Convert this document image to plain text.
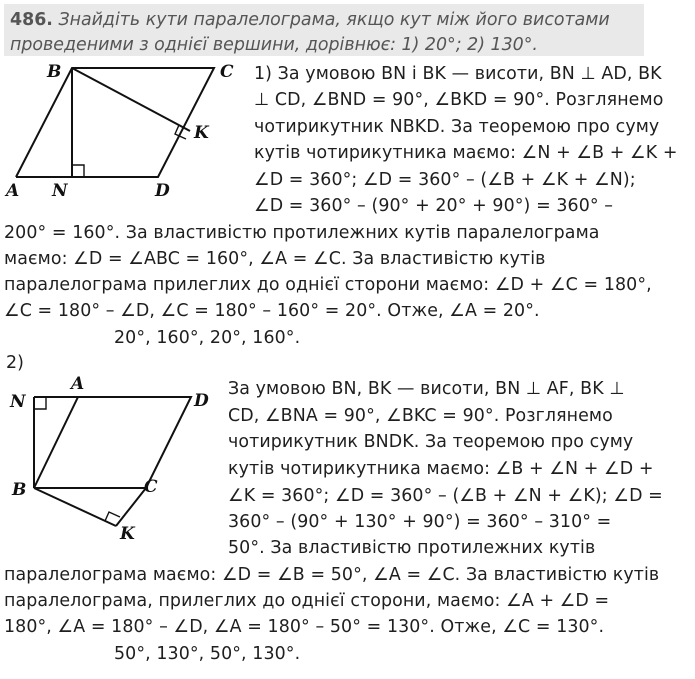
486. Знайдіть кути паралелограма, якщо кут між його висотами
проведеними з однієї вершини, дорівнює: 1) 20°; 2) 130°.
B	C
K
A N	D
1) За умовою BN і BK — висоти, BN ⊥ AD, BK
⊥ CD, ∠BND = 90°, ∠BKD = 90°. Розглянемо
чотирикутник NBKD. За теоремою про суму
кутів чотирикутника маємо: ∠N + ∠B + ∠K +
∠D = 360°; ∠D = 360° – (∠B + ∠K + ∠N);
∠D = 360° – (90° + 20° + 90°) = 360° –
200° = 160°. За властивістю протилежних кутів паралелограма
маємо: ∠D = ∠ABC = 160°, ∠A = ∠C. За властивістю кутів
паралелограма прилеглих до однієї сторони маємо: ∠D + ∠C = 180°,
∠C = 180° – ∠D, ∠C = 180° – 160° = 20°. Отже, ∠A = 20°.
20°, 160°, 20°, 160°.
2)
N
A
D
B	C
K
За умовою BN, BK — висоти, BN ⊥ AF, BK ⊥
CD, ∠BNA = 90°, ∠BKC = 90°. Розглянемо
чотирикутник BNDK. За теоремою про суму
кутів чотирикутника маємо: ∠B + ∠N + ∠D +
∠K = 360°; ∠D = 360° – (∠B + ∠N + ∠K); ∠D =
360° – (90° + 130° + 90°) = 360° – 310° =
50°. За властивістю протилежних кутів
паралелограма маємо: ∠D = ∠B = 50°, ∠A = ∠C. За властивістю кутів
паралелограма, прилеглих до однієї сторони, маємо: ∠A + ∠D =
180°, ∠A = 180° – ∠D, ∠A = 180° – 50° = 130°. Отже, ∠C = 130°.
50°, 130°, 50°, 130°.
